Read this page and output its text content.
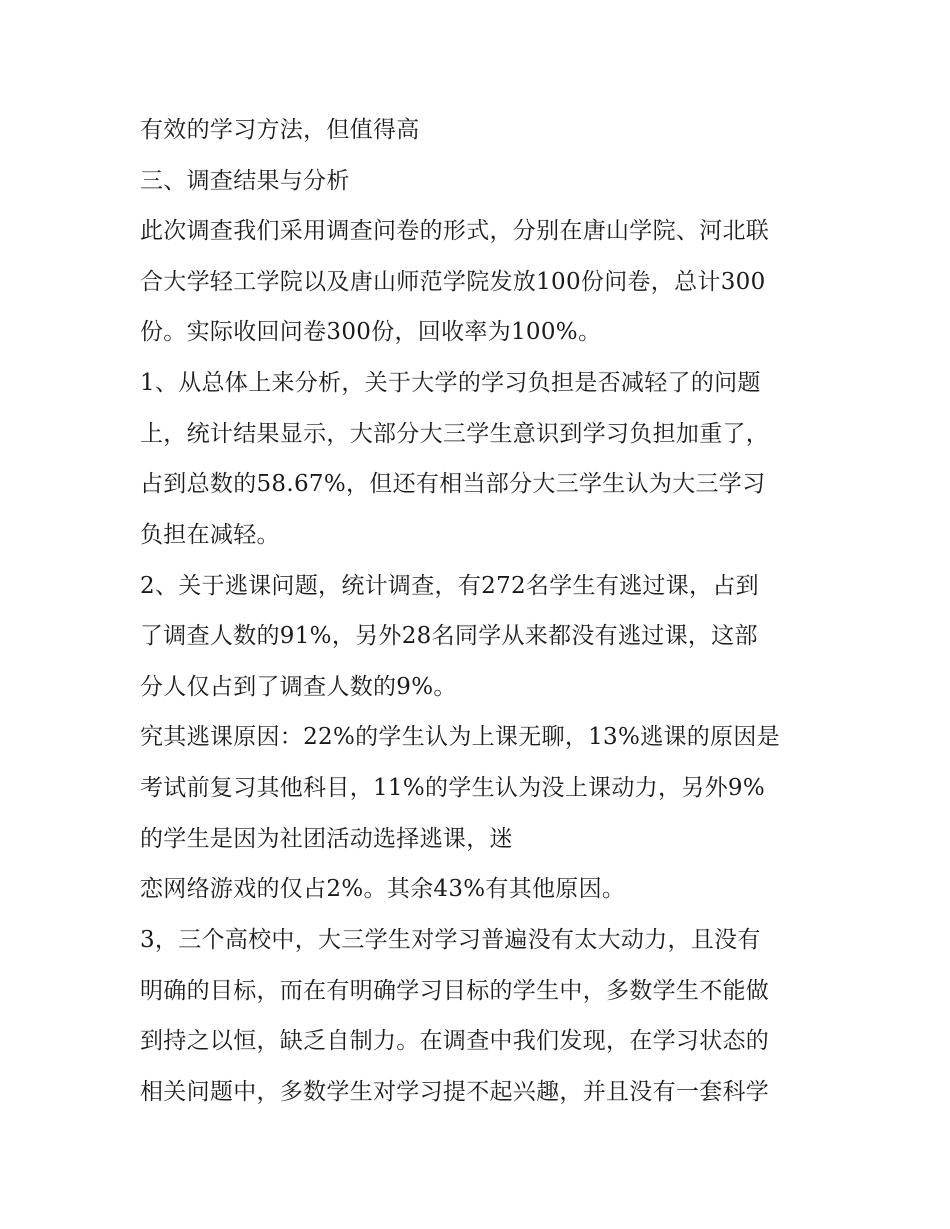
有效的学习方法，但值得高
三、调查结果与分析
此次调查我们采用调查问卷的形式，分别在唐山学院、河北联
合大学轻工学院以及唐山师范学院发放100份问卷，总计300
份。实际收回问卷300份，回收率为100%。
1、从总体上来分析，关于大学的学习负担是否减轻了的问题
上，统计结果显示，大部分大三学生意识到学习负担加重了，
占到总数的58.67%，但还有相当部分大三学生认为大三学习
负担在减轻。
2、关于逃课问题，统计调查，有272名学生有逃过课，占到
了调查人数的91%，另外28名同学从来都没有逃过课，这部
分人仅占到了调查人数的9%。
究其逃课原因：22%的学生认为上课无聊，13%逃课的原因是
考试前复习其他科目，11%的学生认为没上课动力，另外9%
的学生是因为社团活动选择逃课，迷
恋网络游戏的仅占2%。其余43%有其他原因。
3，三个高校中，大三学生对学习普遍没有太大动力，且没有
明确的目标，而在有明确学习目标的学生中，多数学生不能做
到持之以恒，缺乏自制力。在调查中我们发现，在学习状态的
相关问题中，多数学生对学习提不起兴趣，并且没有一套科学
